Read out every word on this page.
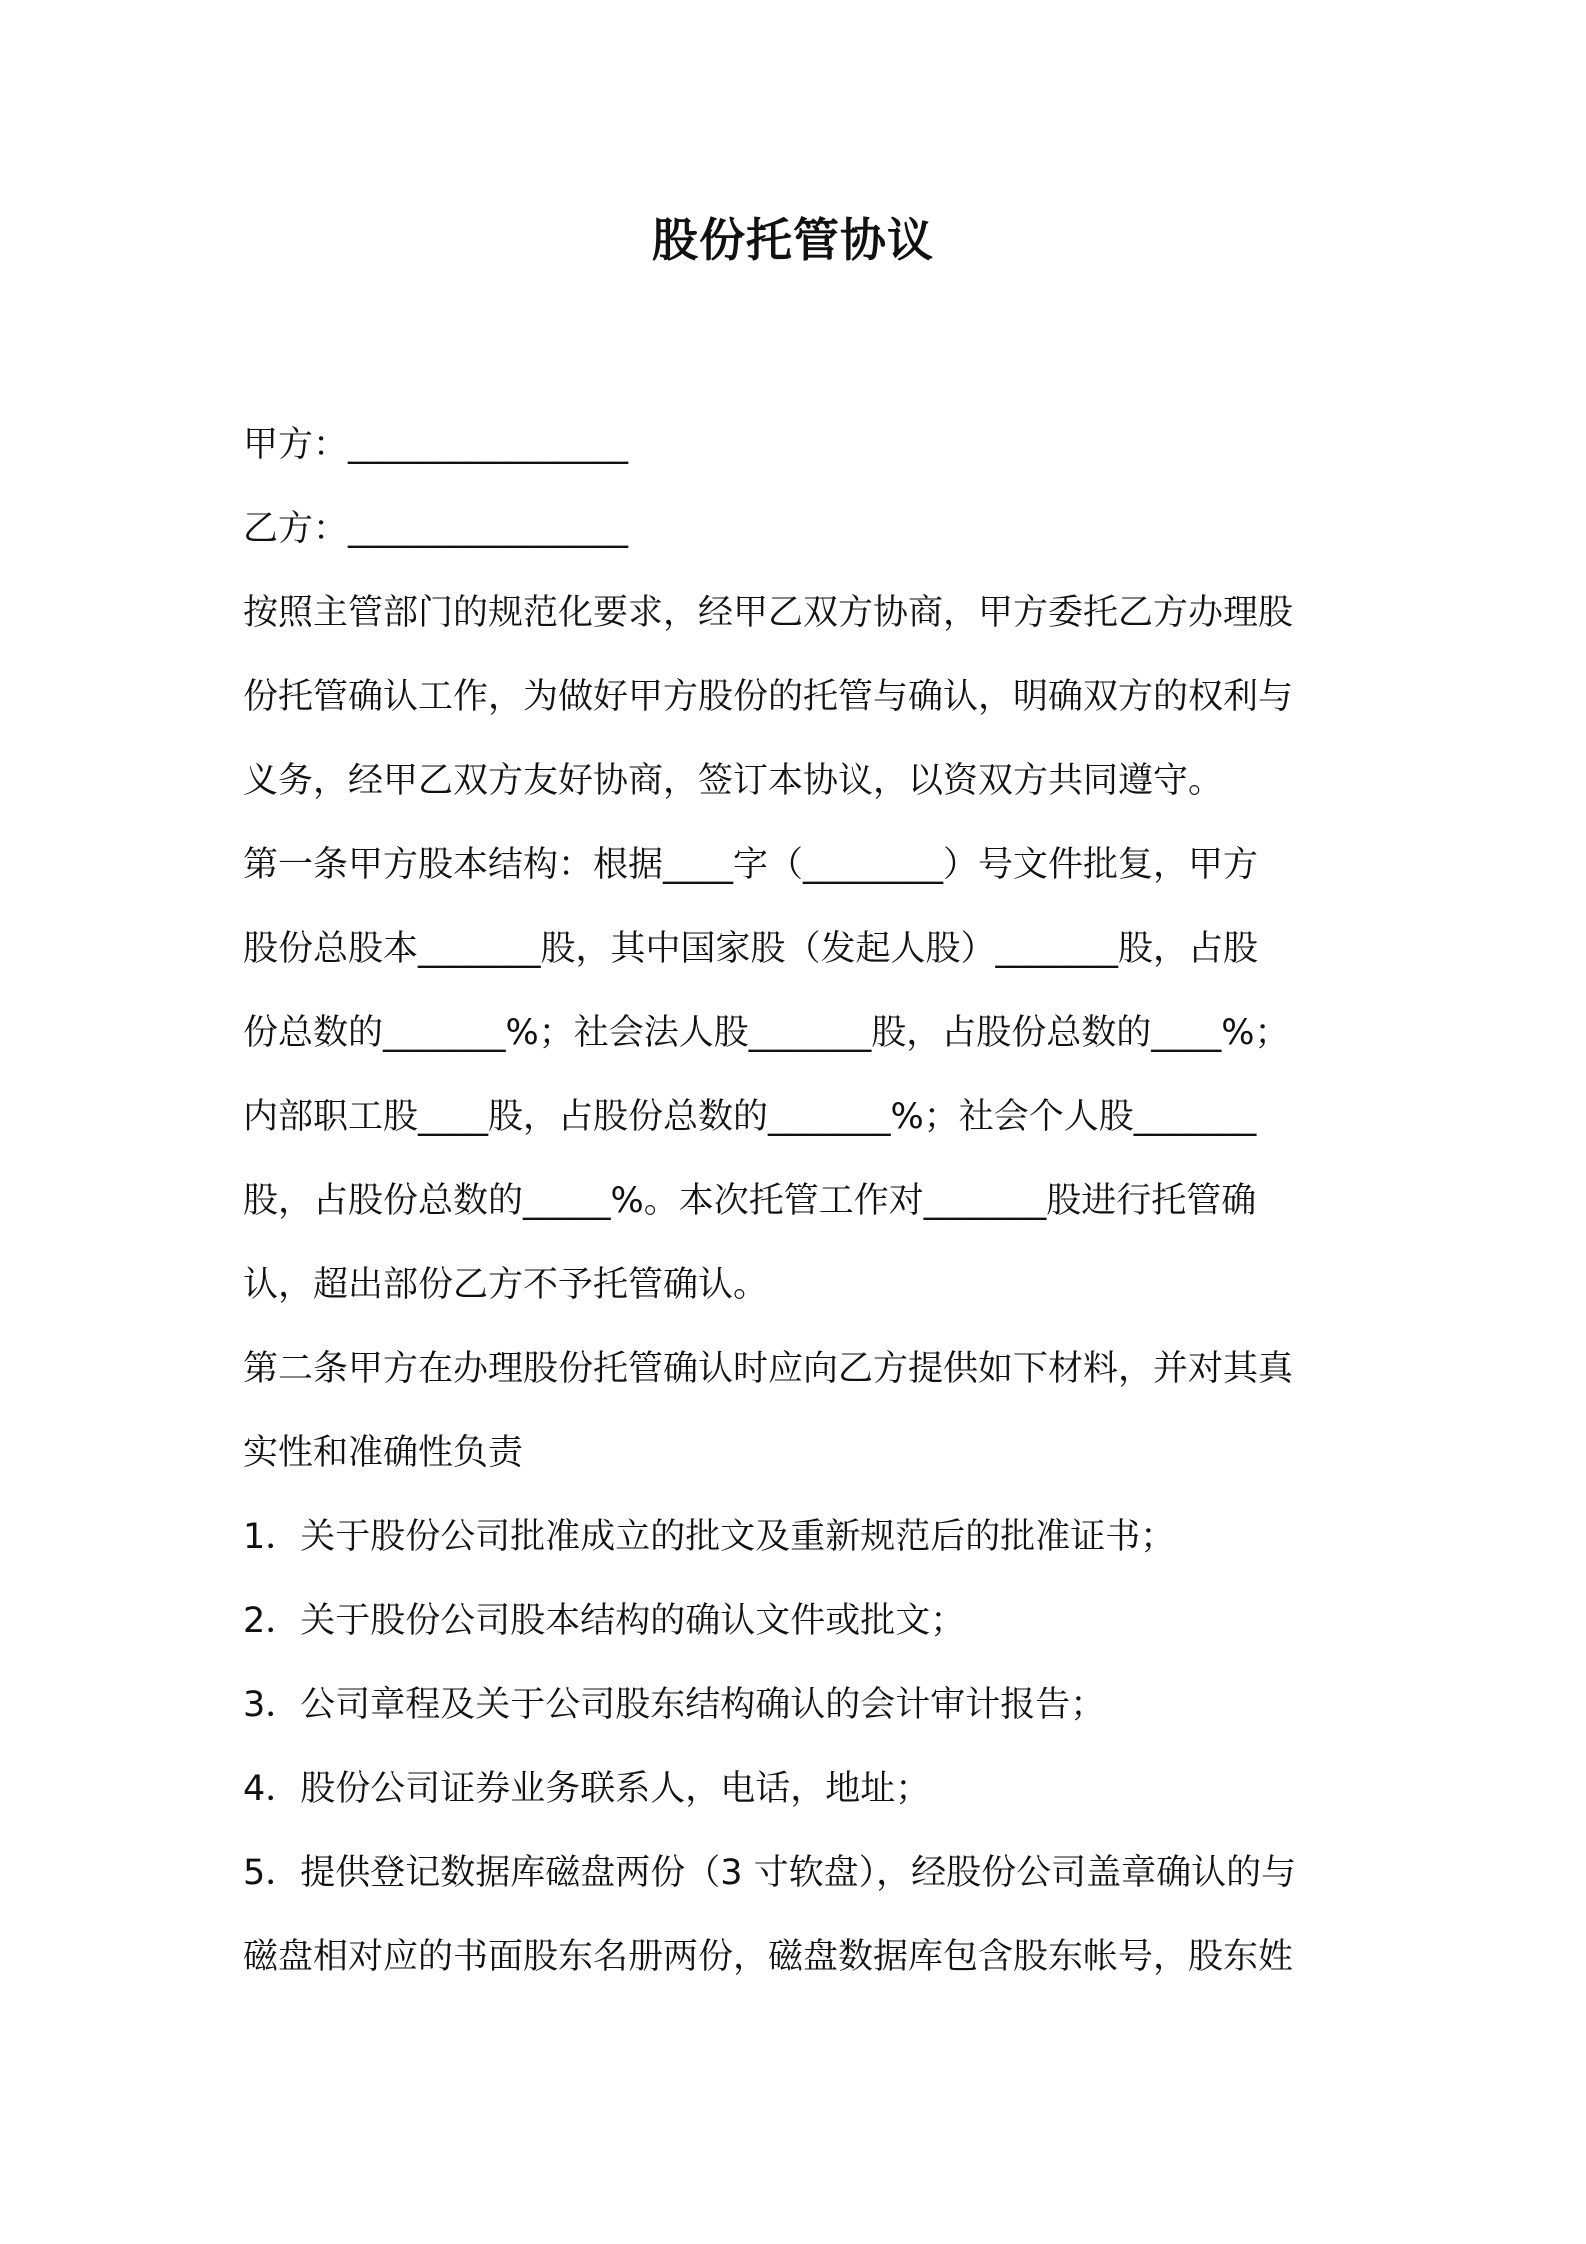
股份托管协议
甲方：________________
乙方：________________
按照主管部门的规范化要求，经甲乙双方协商，甲方委托乙方办理股
份托管确认工作，为做好甲方股份的托管与确认，明确双方的权利与
义务，经甲乙双方友好协商，签订本协议，以资双方共同遵守。
第一条甲方股本结构：根据____字（________）号文件批复，甲方
股份总股本_______股，其中国家股（发起人股）_______股，占股
份总数的_______%；社会法人股_______股，占股份总数的____%；
内部职工股____股，占股份总数的_______%；社会个人股_______
股，占股份总数的_____%。本次托管工作对_______股进行托管确
认，超出部份乙方不予托管确认。
第二条甲方在办理股份托管确认时应向乙方提供如下材料，并对其真
实性和准确性负责
1．关于股份公司批准成立的批文及重新规范后的批准证书；
2．关于股份公司股本结构的确认文件或批文；
3．公司章程及关于公司股东结构确认的会计审计报告；
4．股份公司证券业务联系人，电话，地址；
5．提供登记数据库磁盘两份（3 寸软盘），经股份公司盖章确认的与
磁盘相对应的书面股东名册两份，磁盘数据库包含股东帐号，股东姓
